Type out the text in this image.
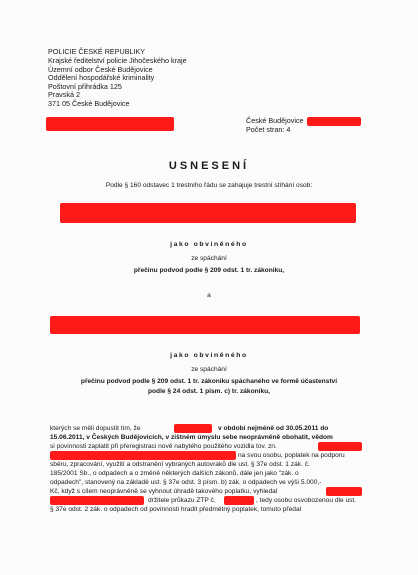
POLICIE ČESKÉ REPUBLIKY
Krajské ředitelství policie Jihočeského kraje
Územní odbor České Budějovice
Oddělení hospodářské kriminality
Poštovní přihrádka 125
Pravská 2
371 05 České Budějovice
České Budějovice
Počet stran: 4
USNESENÍ
Podle § 160 odstavec 1 trestního řádu se zahajuje trestní stíhání osob:
jako obviněného
ze spáchání
přečinu podvod podle § 209 odst. 1 tr. zákoniku,
a
jako obviněného
ze spáchání
přečinu podvod podle § 209 odst. 1 tr. zákoniku spáchaného ve formě účastenství
podle § 24 odst. 1 písm. c) tr. zákoníku,
kterých se měli dopustit tím, že	v období nejméně od 30.05.2011 do
15.06.2011, v Českých Budějovicích, v zištném úmyslu sebe neoprávněně obohatit, vědom
si povinnosti zaplatit při přeregistraci nově nabytého použitého vozidla tov. zn.
na svou osobu, poplatek na podporu
sběru, zpracování, využití a odstranění vybraných autovraků dle ust. § 37e odst. 1 zák. č.
185/2001 Sb., o odpadech a o změně některých dalších zákonů, dále jen jako "zák. o
odpadech", stanovený na základě ust. § 37e odst. 3 písm. b) zák. o odpadech ve výši 5.000,-
Kč, když s cílem neoprávněně se vyhnout úhradě takového poplatku, vyhledal
držitele průkazu ZTP č.	, tedy osobu osvobozenou dle ust.
§ 37e odst. 2 zák. o odpadech od povinnosti hradit předmětný poplatek, tomuto předal
